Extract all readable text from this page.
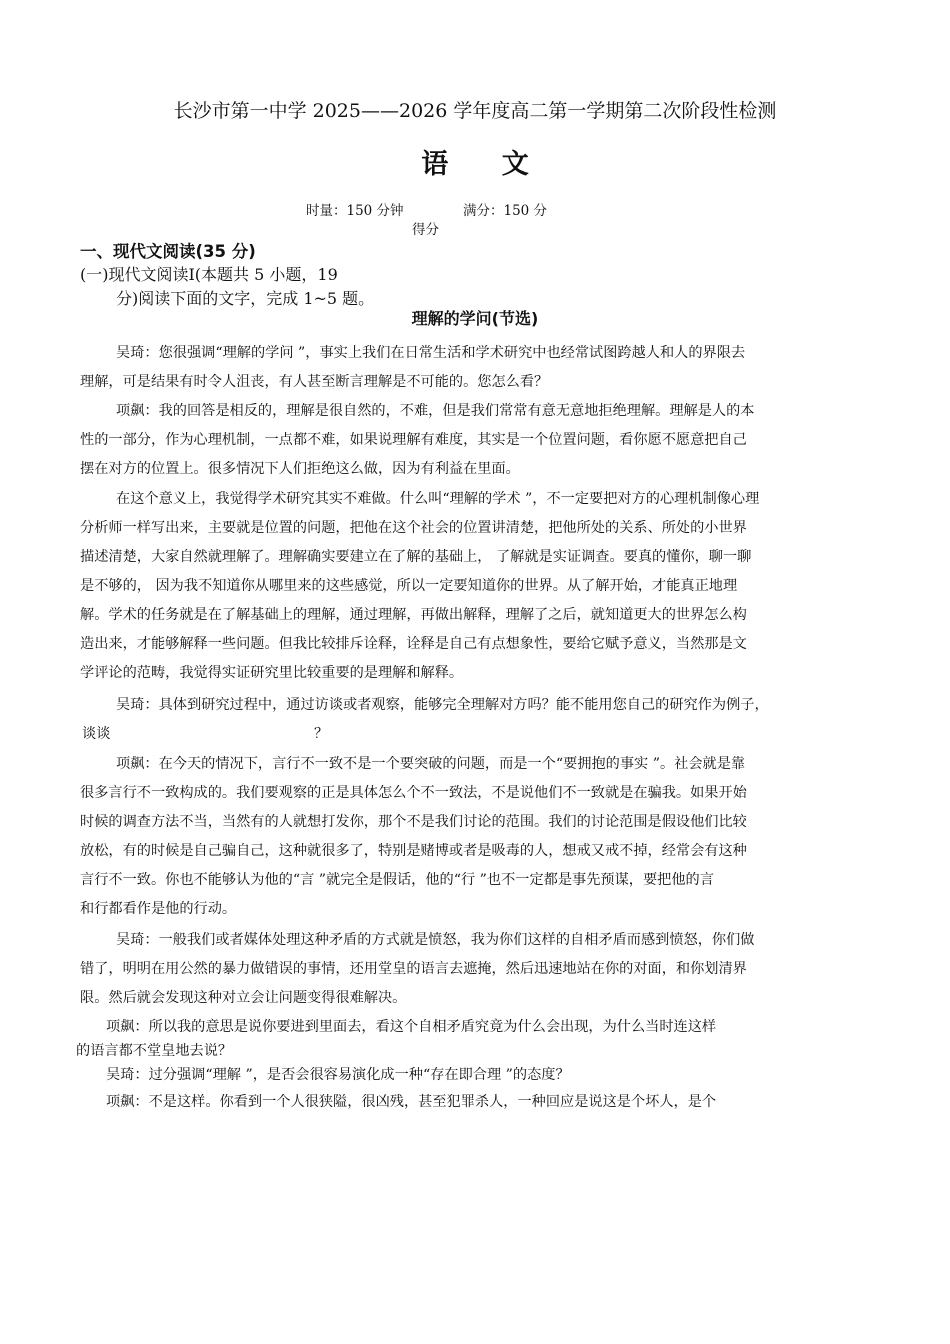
长沙市第一中学 2025——2026 学年度高二第一学期第二次阶段性检测
语 文
时量：150 分钟	满分：150 分
得分
一、现代文阅读(35 分)
(一)现代文阅读Ⅰ(本题共 5 小题，19
分)阅读下面的文字，完成 1~5 题。
理解的学问(节选)
吴琦：您很强调“理解的学问 ”，事实上我们在日常生活和学术研究中也经常试图跨越人和人的界限去
理解，可是结果有时令人沮丧，有人甚至断言理解是不可能的。您怎么看？
项飙：我的回答是相反的，理解是很自然的，不难，但是我们常常有意无意地拒绝理解。理解是人的本
性的一部分，作为心理机制，一点都不难，如果说理解有难度，其实是一个位置问题，看你愿不愿意把自己
摆在对方的位置上。很多情况下人们拒绝这么做，因为有利益在里面。
在这个意义上，我觉得学术研究其实不难做。什么叫“理解的学术 ”，不一定要把对方的心理机制像心理
分析师一样写出来，主要就是位置的问题，把他在这个社会的位置讲清楚，把他所处的关系、所处的小世界
描述清楚，大家自然就理解了。理解确实要建立在了解的基础上， 了解就是实证调查。要真的懂你，聊一聊
是不够的， 因为我不知道你从哪里来的这些感觉，所以一定要知道你的世界。从了解开始，才能真正地理
解。学术的任务就是在了解基础上的理解，通过理解，再做出解释，理解了之后，就知道更大的世界怎么构
造出来，才能够解释一些问题。但我比较排斥诠释，诠释是自己有点想象性，要给它赋予意义，当然那是文
学评论的范畴，我觉得实证研究里比较重要的是理解和解释。
吴琦：具体到研究过程中，通过访谈或者观察，能够完全理解对方吗？能不能用您自己的研究作为例子，
谈谈	？
项飙：在今天的情况下，言行不一致不是一个要突破的问题，而是一个“要拥抱的事实 ”。社会就是靠
很多言行不一致构成的。我们要观察的正是具体怎么个不一致法，不是说他们不一致就是在骗我。如果开始
时候的调查方法不当，当然有的人就想打发你，那个不是我们讨论的范围。我们的讨论范围是假设他们比较
放松，有的时候是自己骗自己，这种就很多了，特别是赌博或者是吸毒的人，想戒又戒不掉，经常会有这种
言行不一致。你也不能够认为他的“言 ”就完全是假话，他的“行 ”也不一定都是事先预谋，要把他的言
和行都看作是他的行动。
吴琦：一般我们或者媒体处理这种矛盾的方式就是愤怒，我为你们这样的自相矛盾而感到愤怒，你们做
错了，明明在用公然的暴力做错误的事情，还用堂皇的语言去遮掩，然后迅速地站在你的对面，和你划清界
限。然后就会发现这种对立会让问题变得很难解决。
项飙：所以我的意思是说你要进到里面去，看这个自相矛盾究竟为什么会出现，为什么当时连这样
的语言都不堂皇地去说？
吴琦：过分强调“理解 ”，是否会很容易演化成一种“存在即合理 ”的态度？
项飙：不是这样。你看到一个人很狭隘，很凶残，甚至犯罪杀人，一种回应是说这是个坏人，是个
